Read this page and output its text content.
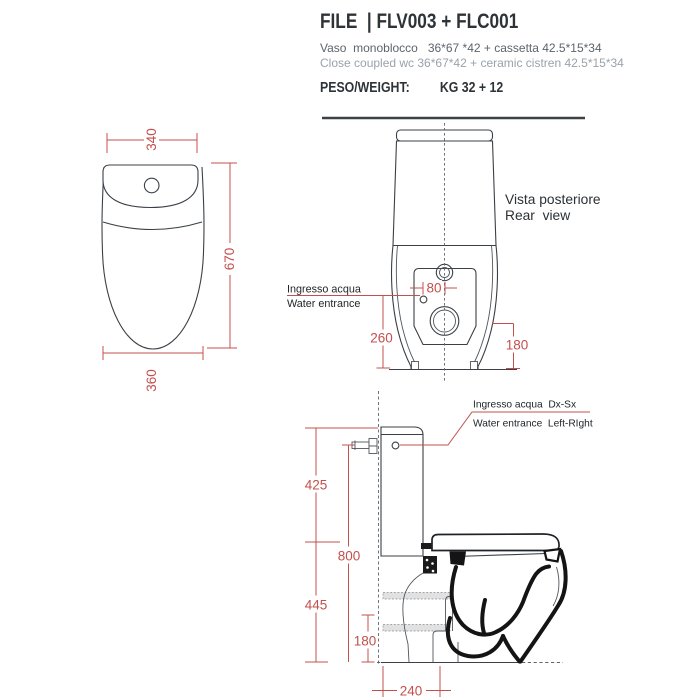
FILE  | FLV003 + FLC001
Vaso  monoblocco   36*67 *42 + cassetta 42.5*15*34
Close coupled wc 36*67*42 + ceramic cistren 42.5*15*34
PESO/WEIGHT: KG 32 + 12
340
670
360
Vista posteriore
Rear  view
80
Ingresso acqua
Water entrance
260	180
Ingresso acqua  Dx-Sx
Water entrance  Left-RIght
425
445
800
180
240
